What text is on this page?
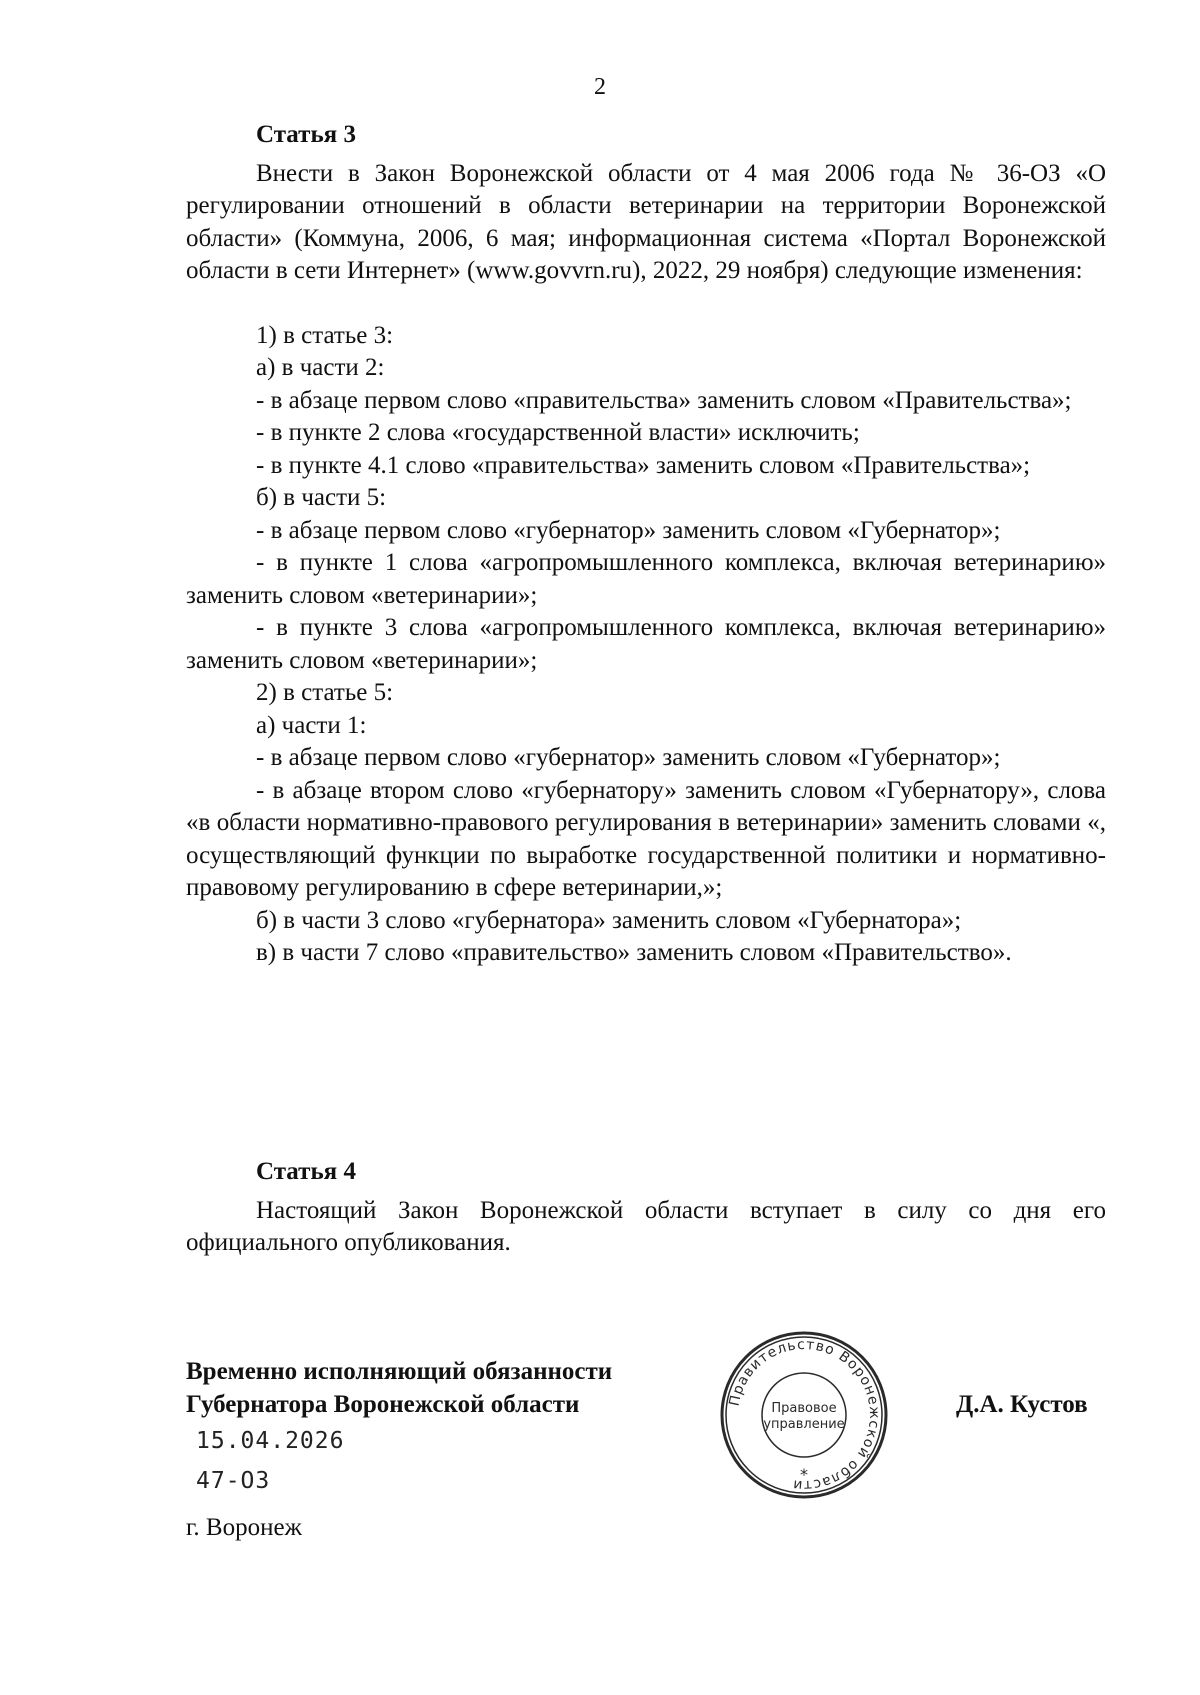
2

Статья 3

Внести в Закон Воронежской области от 4 мая 2006 года № 36-ОЗ «О регулировании отношений в области ветеринарии на территории Воронежской области» (Коммуна, 2006, 6 мая; информационная система «Портал Воронежской области в сети Интернет» (www.govvrn.ru), 2022, 29 ноября) следующие изменения:

1) в статье 3:

а) в части 2:

- в абзаце первом слово «правительства» заменить словом «Правительства»;

- в пункте 2 слова «государственной власти» исключить;

- в пункте 4.1 слово «правительства» заменить словом «Правительства»;

б) в части 5:

- в абзаце первом слово «губернатор» заменить словом «Губернатор»;

- в пункте 1 слова «агропромышленного комплекса, включая ветеринарию» заменить словом «ветеринарии»;

- в пункте 3 слова «агропромышленного комплекса, включая ветеринарию» заменить словом «ветеринарии»;

2) в статье 5:

а) части 1:

- в абзаце первом слово «губернатор» заменить словом «Губернатор»;

- в абзаце втором слово «губернатору» заменить словом «Губернатору», слова «в области нормативно-правового регулирования в ветеринарии» заменить словами «, осуществляющий функции по выработке государственной политики и нормативно-правовому регулированию в сфере ветеринарии,»;

б) в части 3 слово «губернатора» заменить словом «Губернатора»;

в) в части 7 слово «правительство» заменить словом «Правительство».

Статья 4

Настоящий Закон Воронежской области вступает в силу со дня его официального опубликования.

Временно исполняющий обязанности
Губернатора Воронежской области	Правительство Воронежской области
Правовое
управление
*
Д.А. Кустов
15.04.2026
47-ОЗ
г. Воронеж
